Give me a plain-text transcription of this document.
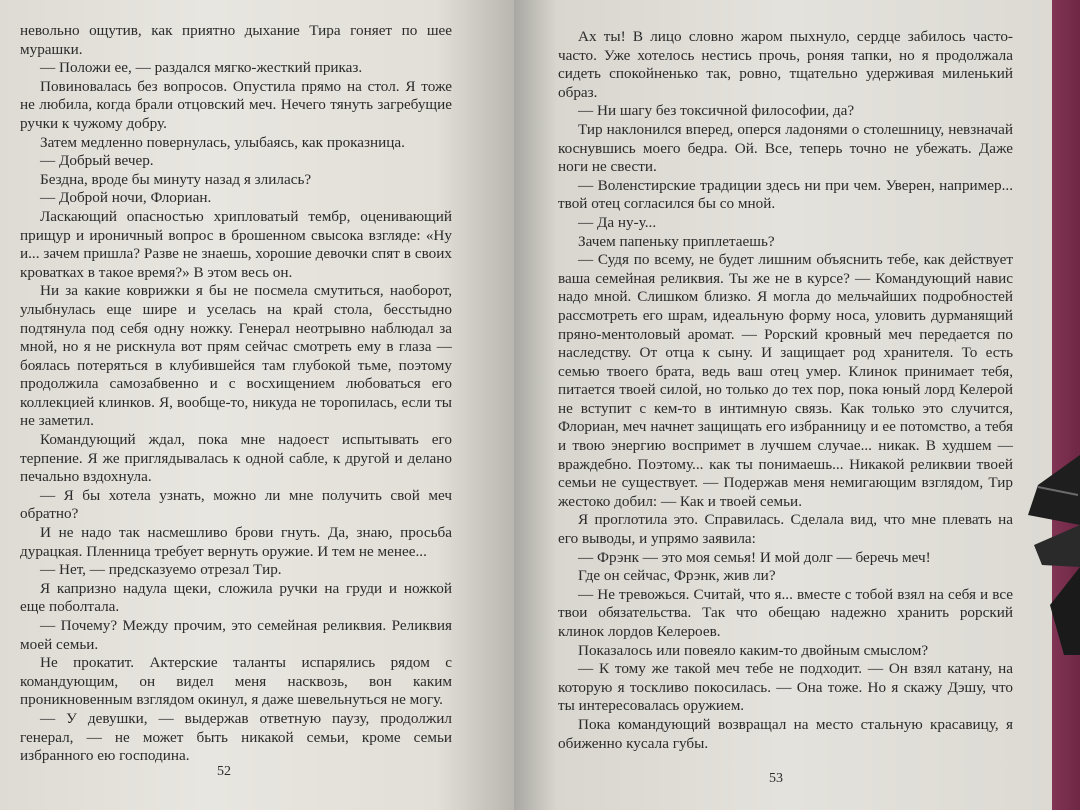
невольно ощутив, как приятно дыхание Тира гоняет по шее мурашки.

— Положи ее, — раздался мягко-жесткий приказ.

Повиновалась без вопросов. Опустила прямо на стол. Я тоже не любила, когда брали отцовский меч. Нечего тянуть загребущие ручки к чужому добру.

Затем медленно повернулась, улыбаясь, как проказница.

— Добрый вечер.

Бездна, вроде бы минуту назад я злилась?

— Доброй ночи, Флориан.

Ласкающий опасностью хрипловатый тембр, оценивающий прищур и ироничный вопрос в брошенном свысока взгляде: «Ну и... зачем пришла? Разве не знаешь, хорошие девочки спят в своих кроватках в такое время?» В этом весь он.

Ни за какие коврижки я бы не посмела смутиться, наоборот, улыбнулась еще шире и уселась на край стола, бесстыдно подтянула под себя одну ножку. Генерал неотрывно наблюдал за мной, но я не рискнула вот прям сейчас смотреть ему в глаза — боялась потеряться в клубившейся там глубокой тьме, поэтому продолжила самозабвенно и с восхищением любоваться его коллекцией клинков. Я, вообще-то, никуда не торопилась, если ты не заметил.

Командующий ждал, пока мне надоест испытывать его терпение. Я же приглядывалась к одной сабле, к другой и делано печально вздохнула.

— Я бы хотела узнать, можно ли мне получить свой меч обратно?

И не надо так насмешливо брови гнуть. Да, знаю, просьба дурацкая. Пленница требует вернуть оружие. И тем не менее...

— Нет, — предсказуемо отрезал Тир.

Я капризно надула щеки, сложила ручки на груди и ножкой еще поболтала.

— Почему? Между прочим, это семейная реликвия. Реликвия моей семьи.

Не прокатит. Актерские таланты испарялись рядом с командующим, он видел меня насквозь, вон каким проникновенным взглядом окинул, я даже шевельнуться не могу.

— У девушки, — выдержав ответную паузу, продолжил генерал, — не может быть никакой семьи, кроме семьи избранного ею господина.

52

Ах ты! В лицо словно жаром пыхнуло, сердце забилось часто-часто. Уже хотелось нестись прочь, роняя тапки, но я продолжала сидеть спокойненько так, ровно, тщательно удерживая миленький образ.

— Ни шагу без токсичной философии, да?

Тир наклонился вперед, оперся ладонями о столешницу, невзначай коснувшись моего бедра. Ой. Все, теперь точно не убежать. Даже ноги не свести.

— Воленстирские традиции здесь ни при чем. Уверен, например... твой отец согласился бы со мной.

— Да ну-у...

Зачем папеньку приплетаешь?

— Судя по всему, не будет лишним объяснить тебе, как действует ваша семейная реликвия. Ты же не в курсе? — Командующий навис надо мной. Слишком близко. Я могла до мельчайших подробностей рассмотреть его шрам, идеальную форму носа, уловить дурманящий пряно-ментоловый аромат. — Рорский кровный меч передается по наследству. От отца к сыну. И защищает род хранителя. То есть семью твоего брата, ведь ваш отец умер. Клинок принимает тебя, питается твоей силой, но только до тех пор, пока юный лорд Келерой не вступит с кем-то в интимную связь. Как только это случится, Флориан, меч начнет защищать его избранницу и ее потомство, а тебя и твою энергию воспримет в лучшем случае... никак. В худшем — враждебно. Поэтому... как ты понимаешь... Никакой реликвии твоей семьи не существует. — Подержав меня немигающим взглядом, Тир жестоко добил: — Как и твоей семьи.

Я проглотила это. Справилась. Сделала вид, что мне плевать на его выводы, и упрямо заявила:

— Фрэнк — это моя семья! И мой долг — беречь меч!

Где он сейчас, Фрэнк, жив ли?

— Не тревожься. Считай, что я... вместе с тобой взял на себя и все твои обязательства. Так что обещаю надежно хранить рорский клинок лордов Келероев.

Показалось или повеяло каким-то двойным смыслом?

— К тому же такой меч тебе не подходит. — Он взял катану, на которую я тоскливо покосилась. — Она тоже. Но я скажу Дэшу, что ты интересовалась оружием.

Пока командующий возвращал на место стальную красавицу, я обиженно кусала губы.

53
